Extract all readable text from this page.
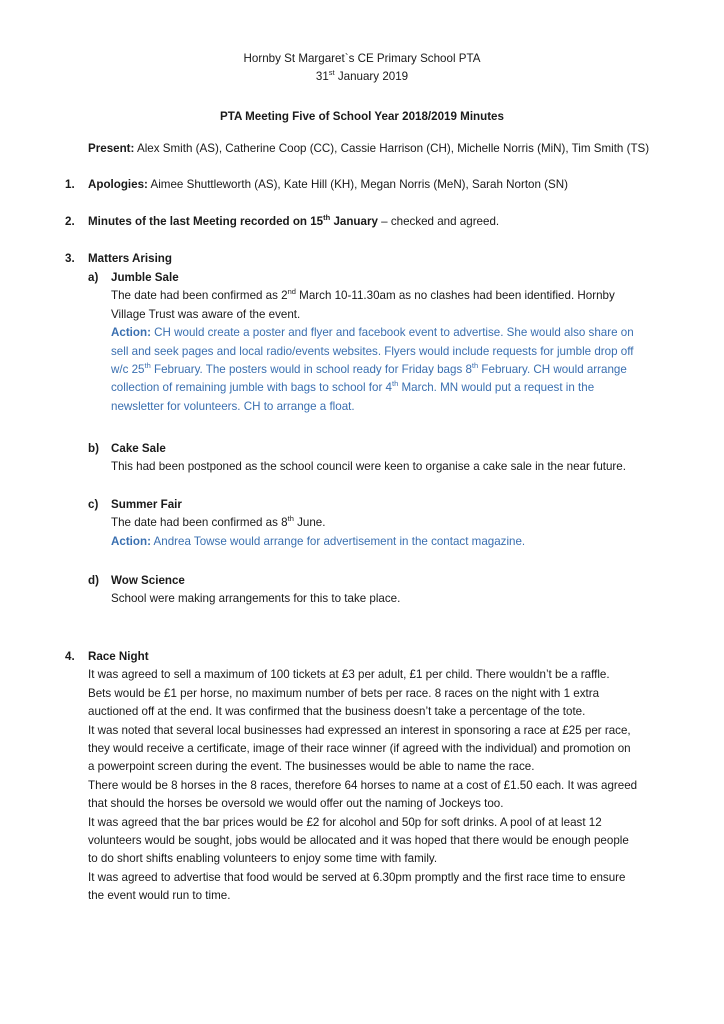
Hornby St Margaret`s CE Primary School PTA
31st January 2019
PTA Meeting Five of School Year 2018/2019 Minutes
Present: Alex Smith (AS), Catherine Coop (CC), Cassie Harrison (CH), Michelle Norris (MiN), Tim Smith (TS)
1. Apologies: Aimee Shuttleworth (AS), Kate Hill (KH), Megan Norris (MeN), Sarah Norton (SN)
2. Minutes of the last Meeting recorded on 15th January – checked and agreed.
3. Matters Arising
a) Jumble Sale
The date had been confirmed as 2nd March 10-11.30am as no clashes had been identified. Hornby
Village Trust was aware of the event.
Action: CH would create a poster and flyer and facebook event to advertise. She would also share on
sell and seek pages and local radio/events websites. Flyers would include requests for jumble drop off
w/c 25th February. The posters would in school ready for Friday bags 8th February. CH would arrange
collection of remaining jumble with bags to school for 4th March. MN would put a request in the
newsletter for volunteers. CH to arrange a float.
b) Cake Sale
This had been postponed as the school council were keen to organise a cake sale in the near future.
c) Summer Fair
The date had been confirmed as 8th June.
Action: Andrea Towse would arrange for advertisement in the contact magazine.
d) Wow Science
School were making arrangements for this to take place.
4. Race Night
It was agreed to sell a maximum of 100 tickets at £3 per adult, £1 per child. There wouldn’t be a raffle.
Bets would be £1 per horse, no maximum number of bets per race. 8 races on the night with 1 extra
auctioned off at the end. It was confirmed that the business doesn’t take a percentage of the tote.
It was noted that several local businesses had expressed an interest in sponsoring a race at £25 per race,
they would receive a certificate, image of their race winner (if agreed with the individual) and promotion on
a powerpoint screen during the event. The businesses would be able to name the race.
There would be 8 horses in the 8 races, therefore 64 horses to name at a cost of £1.50 each. It was agreed
that should the horses be oversold we would offer out the naming of Jockeys too.
It was agreed that the bar prices would be £2 for alcohol and 50p for soft drinks. A pool of at least 12
volunteers would be sought, jobs would be allocated and it was hoped that there would be enough people
to do short shifts enabling volunteers to enjoy some time with family.
It was agreed to advertise that food would be served at 6.30pm promptly and the first race time to ensure
the event would run to time.
